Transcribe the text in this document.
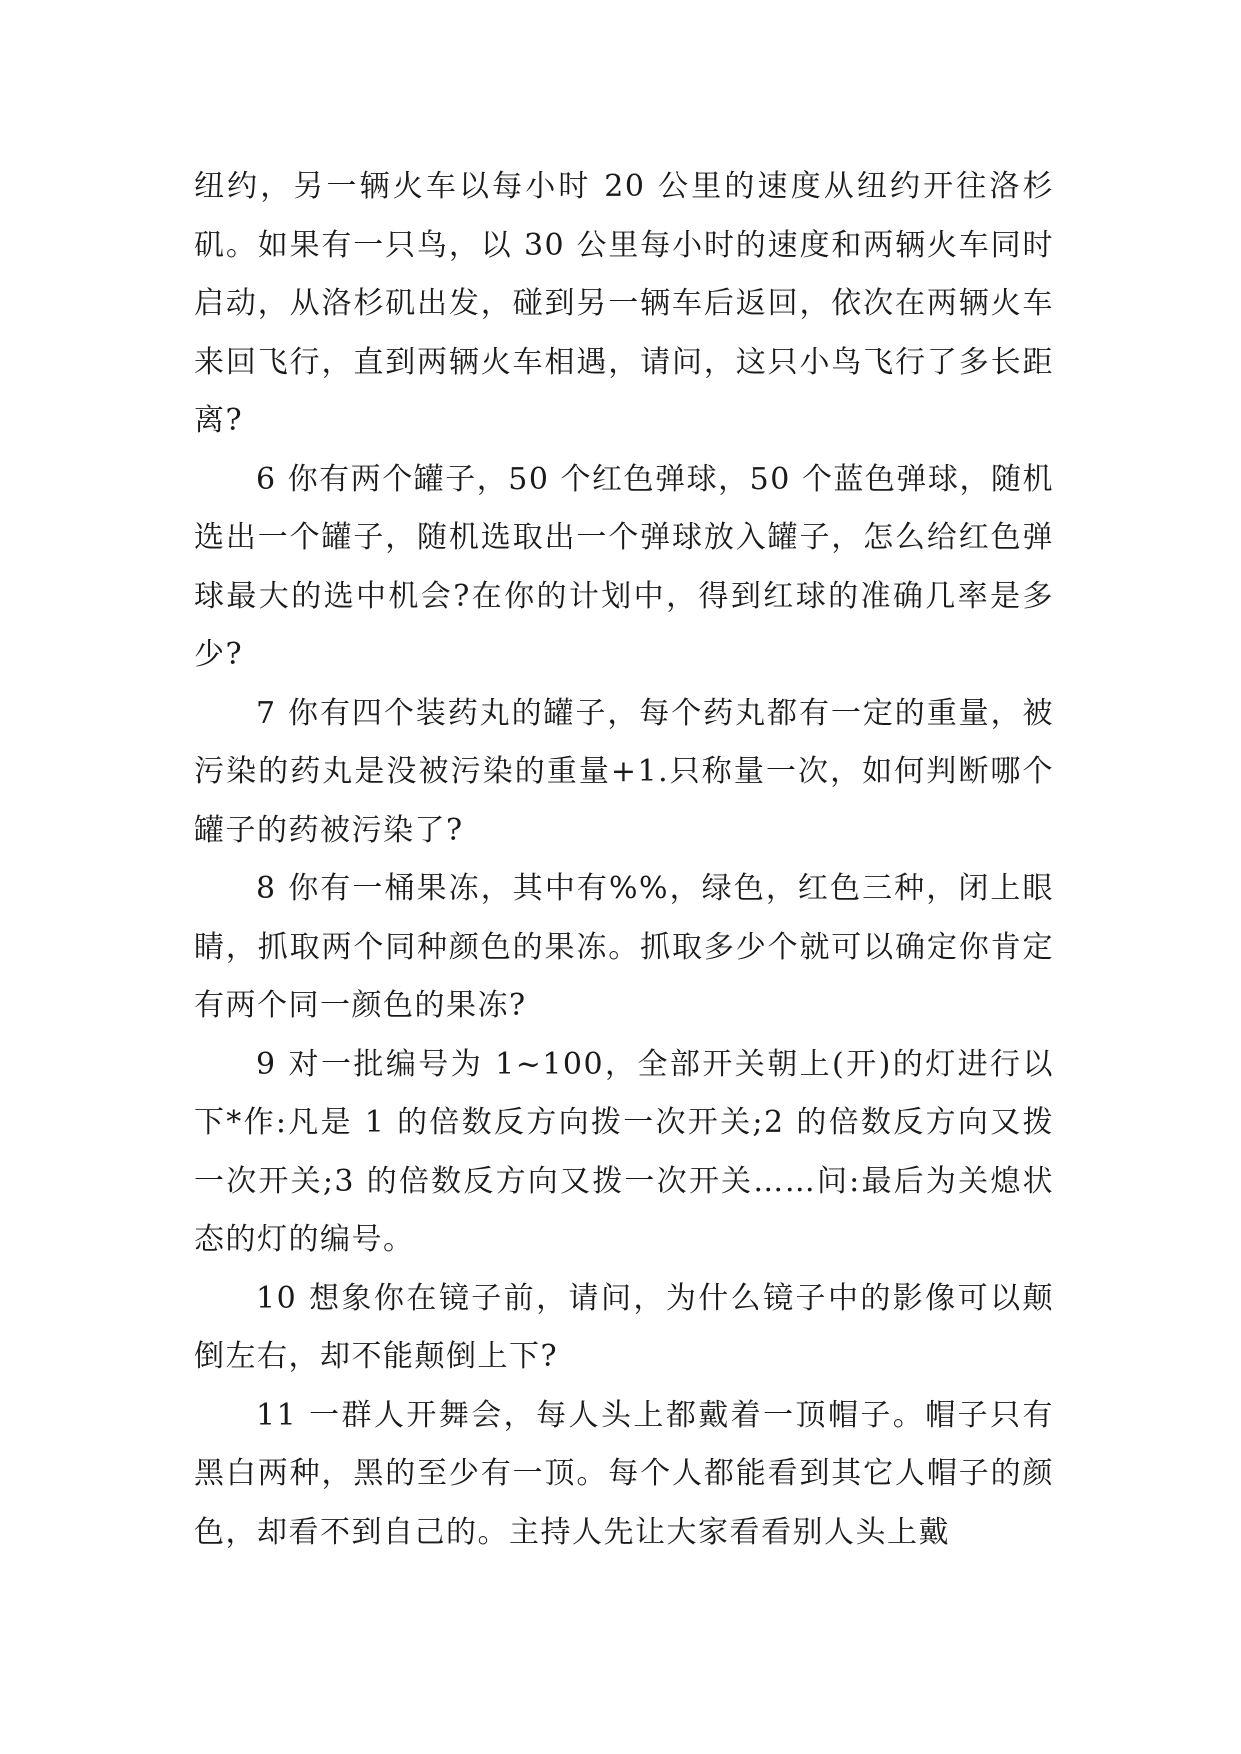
纽约，另一辆火车以每小时 20 公里的速度从纽约开往洛杉矶。如果有一只鸟，以 30 公里每小时的速度和两辆火车同时启动，从洛杉矶出发，碰到另一辆车后返回，依次在两辆火车来回飞行，直到两辆火车相遇，请问，这只小鸟飞行了多长距离?

6 你有两个罐子，50 个红色弹球，50 个蓝色弹球，随机选出一个罐子，随机选取出一个弹球放入罐子，怎么给红色弹球最大的选中机会?在你的计划中，得到红球的准确几率是多少?

7 你有四个装药丸的罐子，每个药丸都有一定的重量，被污染的药丸是没被污染的重量+1.只称量一次，如何判断哪个罐子的药被污染了?

8 你有一桶果冻，其中有%%，绿色，红色三种，闭上眼睛，抓取两个同种颜色的果冻。抓取多少个就可以确定你肯定有两个同一颜色的果冻?

9 对一批编号为 1~100，全部开关朝上(开)的灯进行以下*作:凡是 1 的倍数反方向拨一次开关;2 的倍数反方向又拨一次开关;3 的倍数反方向又拨一次开关……问:最后为关熄状态的灯的编号。

10 想象你在镜子前，请问，为什么镜子中的影像可以颠倒左右，却不能颠倒上下?

11 一群人开舞会，每人头上都戴着一顶帽子。帽子只有黑白两种，黑的至少有一顶。每个人都能看到其它人帽子的颜色，却看不到自己的。主持人先让大家看看别人头上戴
